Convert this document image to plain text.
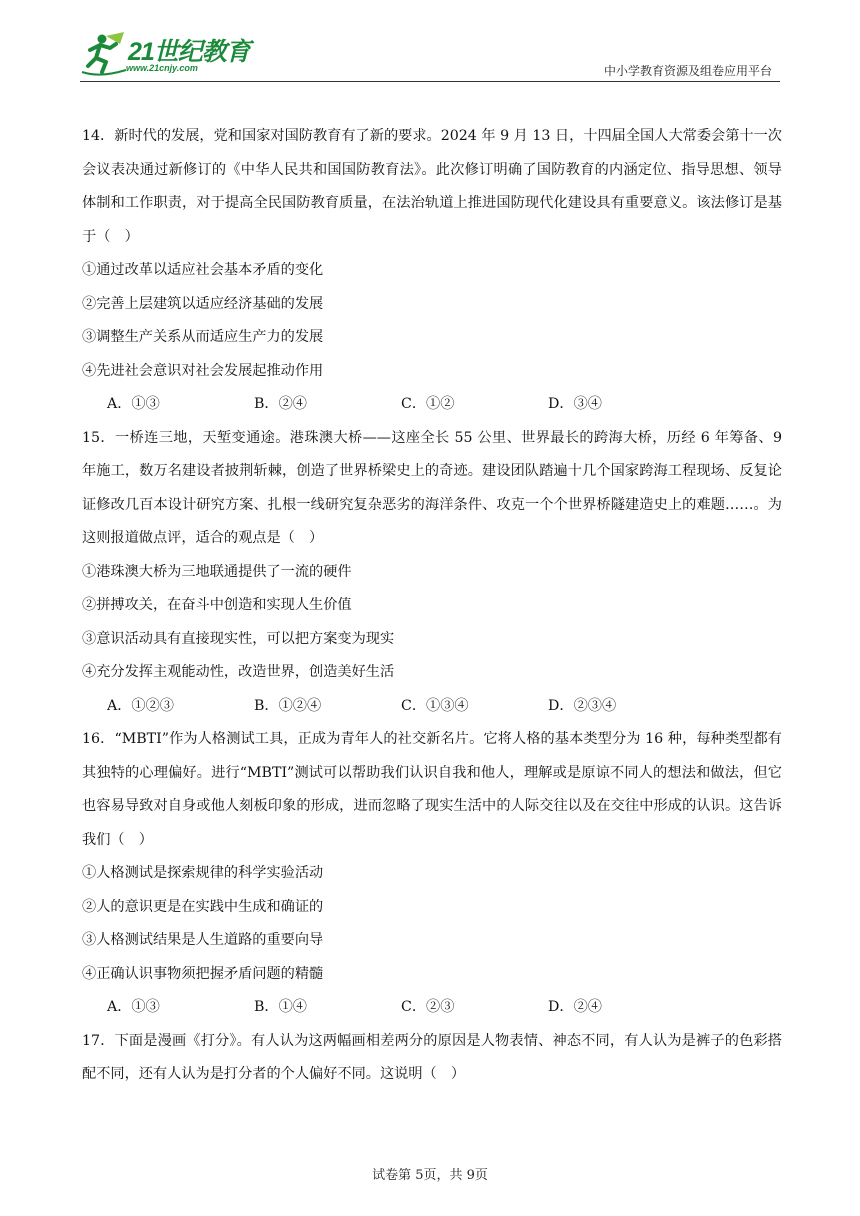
21世纪教育
www.21cnjy.com	中小学教育资源及组卷应用平台

14．新时代的发展，党和国家对国防教育有了新的要求。2024 年 9 月 13 日，十四届全国人大常委会第十一次会议表决通过新修订的《中华人民共和国国防教育法》。此次修订明确了国防教育的内涵定位、指导思想、领导体制和工作职责，对于提高全民国防教育质量，在法治轨道上推进国防现代化建设具有重要意义。该法修订是基于（　）

①通过改革以适应社会基本矛盾的变化

②完善上层建筑以适应经济基础的发展

③调整生产关系从而适应生产力的发展

④先进社会意识对社会发展起推动作用

A．①③	B．②④	C．①②	D．③④

15．一桥连三地，天堑变通途。港珠澳大桥——这座全长 55 公里、世界最长的跨海大桥，历经 6 年筹备、9 年施工，数万名建设者披荆斩棘，创造了世界桥梁史上的奇迹。建设团队踏遍十几个国家跨海工程现场、反复论证修改几百本设计研究方案、扎根一线研究复杂恶劣的海洋条件、攻克一个个世界桥隧建造史上的难题……。为这则报道做点评，适合的观点是（　）

①港珠澳大桥为三地联通提供了一流的硬件

②拼搏攻关，在奋斗中创造和实现人生价值

③意识活动具有直接现实性，可以把方案变为现实

④充分发挥主观能动性，改造世界，创造美好生活

A．①②③	B．①②④	C．①③④	D．②③④

16．“MBTI”作为人格测试工具，正成为青年人的社交新名片。它将人格的基本类型分为 16 种，每种类型都有其独特的心理偏好。进行“MBTI”测试可以帮助我们认识自我和他人，理解或是原谅不同人的想法和做法，但它也容易导致对自身或他人刻板印象的形成，进而忽略了现实生活中的人际交往以及在交往中形成的认识。这告诉我们（　）

①人格测试是探索规律的科学实验活动

②人的意识更是在实践中生成和确证的

③人格测试结果是人生道路的重要向导

④正确认识事物须把握矛盾问题的精髓

A．①③	B．①④	C．②③	D．②④

17．下面是漫画《打分》。有人认为这两幅画相差两分的原因是人物表情、神态不同，有人认为是裤子的色彩搭配不同，还有人认为是打分者的个人偏好不同。这说明（　）

试卷第 5页，共 9页
